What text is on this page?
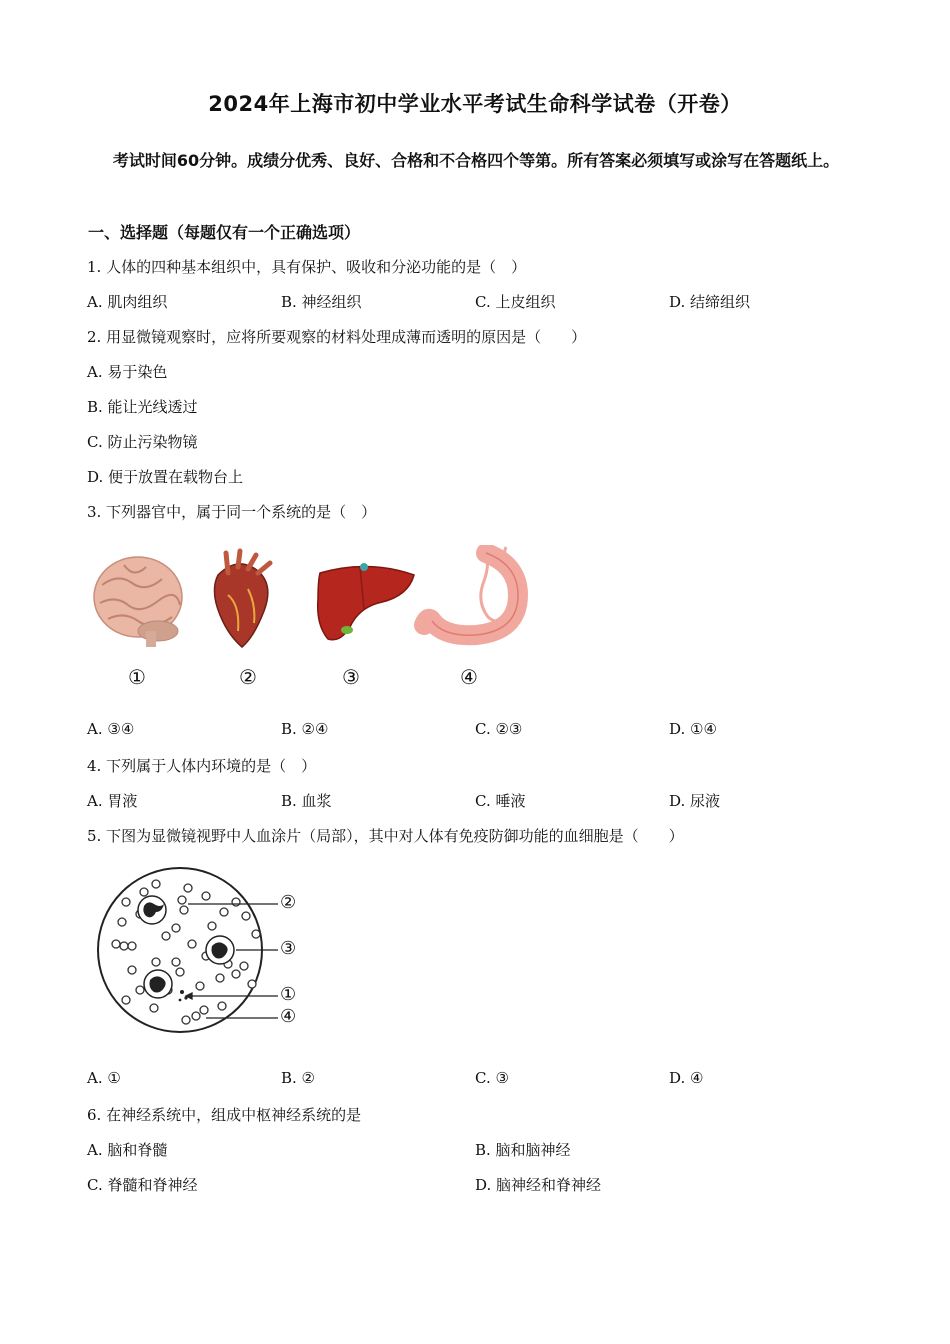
2024年上海市初中学业水平考试生命科学试卷（开卷）
考试时间60分钟。成绩分优秀、良好、合格和不合格四个等第。所有答案必须填写或涂写在答题纸上。
一、选择题（每题仅有一个正确选项）
1. 人体的四种基本组织中，具有保护、吸收和分泌功能的是（　）
A. 肌肉组织	B. 神经组织	C. 上皮组织	D. 结缔组织
2. 用显微镜观察时，应将所要观察的材料处理成薄而透明的原因是（　　）
A. 易于染色
B. 能让光线透过
C. 防止污染物镜
D. 便于放置在载物台上
3. 下列器官中，属于同一个系统的是（　）
①	②	③	④
A. ③④	B. ②④	C. ②③	D. ①④
4. 下列属于人体内环境的是（　）
A. 胃液	B. 血浆	C. 唾液	D. 尿液
5. 下图为显微镜视野中人血涂片（局部），其中对人体有免疫防御功能的血细胞是（　　）
②
③
①
④
A. ①	B. ②	C. ③	D. ④
6. 在神经系统中，组成中枢神经系统的是
A. 脑和脊髓	B. 脑和脑神经
C. 脊髓和脊神经	D. 脑神经和脊神经
